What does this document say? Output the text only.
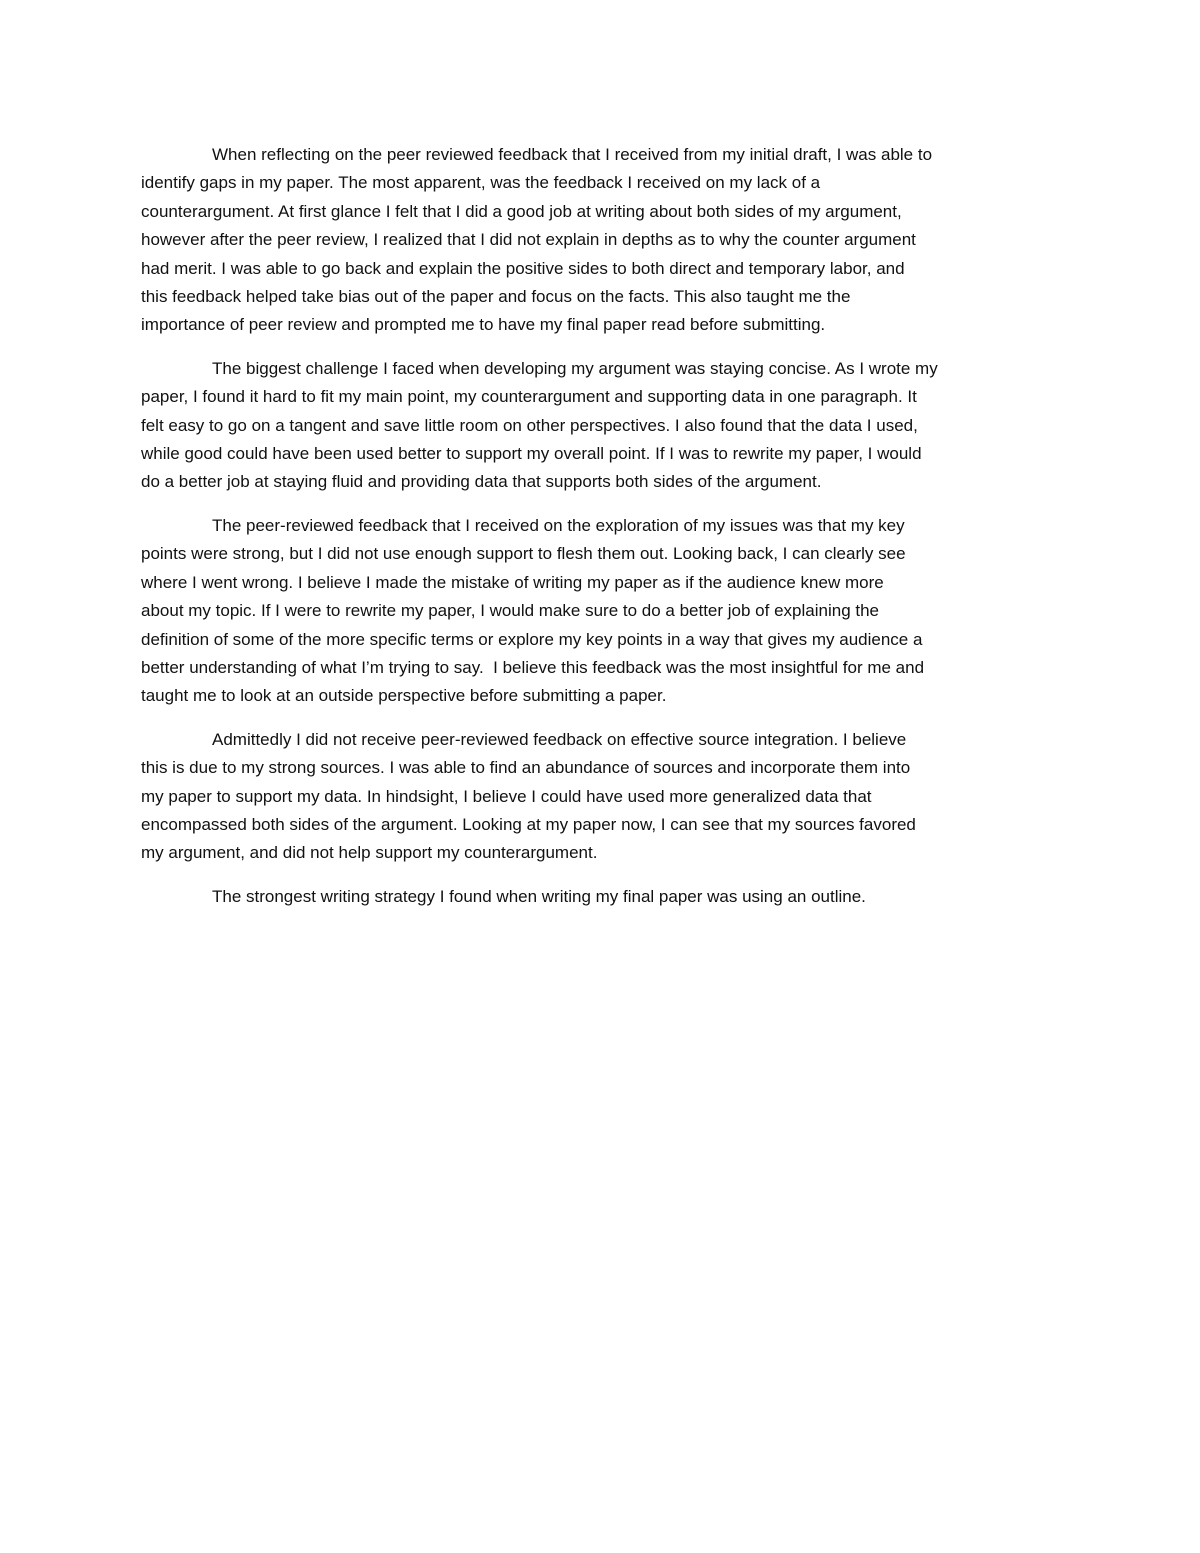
When reflecting on the peer reviewed feedback that I received from my initial draft, I was able to
identify gaps in my paper. The most apparent, was the feedback I received on my lack of a
counterargument. At first glance I felt that I did a good job at writing about both sides of my argument,
however after the peer review, I realized that I did not explain in depths as to why the counter argument
had merit. I was able to go back and explain the positive sides to both direct and temporary labor, and
this feedback helped take bias out of the paper and focus on the facts. This also taught me the
importance of peer review and prompted me to have my final paper read before submitting.
The biggest challenge I faced when developing my argument was staying concise. As I wrote my
paper, I found it hard to fit my main point, my counterargument and supporting data in one paragraph. It
felt easy to go on a tangent and save little room on other perspectives. I also found that the data I used,
while good could have been used better to support my overall point. If I was to rewrite my paper, I would
do a better job at staying fluid and providing data that supports both sides of the argument.
The peer-reviewed feedback that I received on the exploration of my issues was that my key
points were strong, but I did not use enough support to flesh them out. Looking back, I can clearly see
where I went wrong. I believe I made the mistake of writing my paper as if the audience knew more
about my topic. If I were to rewrite my paper, I would make sure to do a better job of explaining the
definition of some of the more specific terms or explore my key points in a way that gives my audience a
better understanding of what I’m trying to say.  I believe this feedback was the most insightful for me and
taught me to look at an outside perspective before submitting a paper.
Admittedly I did not receive peer-reviewed feedback on effective source integration. I believe
this is due to my strong sources. I was able to find an abundance of sources and incorporate them into
my paper to support my data. In hindsight, I believe I could have used more generalized data that
encompassed both sides of the argument. Looking at my paper now, I can see that my sources favored
my argument, and did not help support my counterargument.
The strongest writing strategy I found when writing my final paper was using an outline.
